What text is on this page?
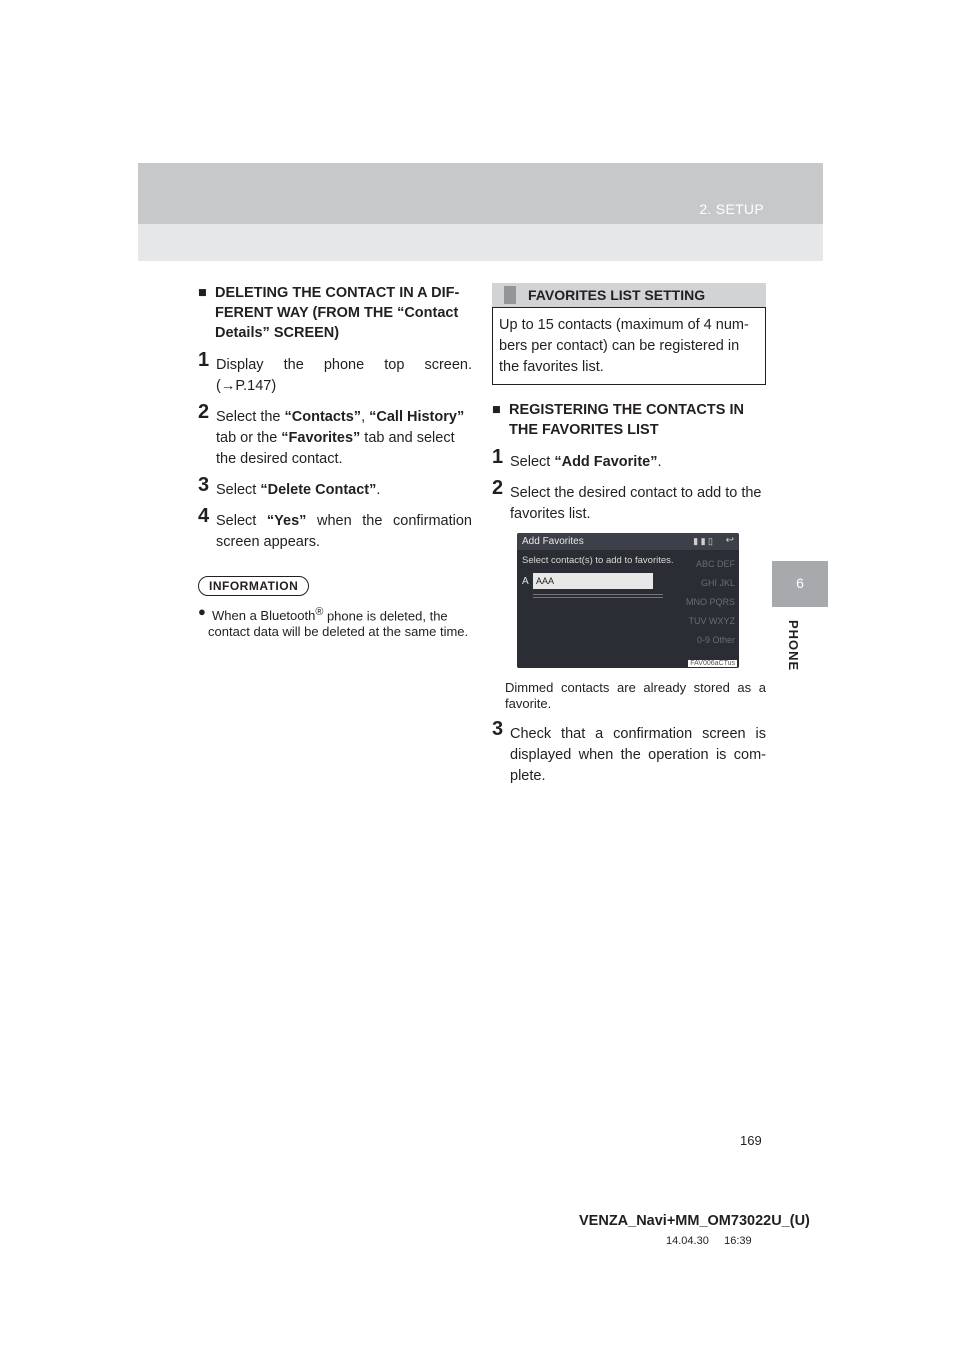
2. SETUP
6
PHONE
■ DELETING THE CONTACT IN A DIF-FERENT WAY (FROM THE “Contact Details” SCREEN)
1 Display the phone top screen. (→P.147)
2 Select the “Contacts”, “Call History” tab or the “Favorites” tab and select the desired contact.
3 Select “Delete Contact”.
4 Select “Yes” when the confirmation screen appears.
INFORMATION
● When a Bluetooth® phone is deleted, the contact data will be deleted at the same time.
FAVORITES LIST SETTING
Up to 15 contacts (maximum of 4 num-bers per contact) can be registered in the favorites list.
■ REGISTERING THE CONTACTS IN THE FAVORITES LIST
1 Select “Add Favorite”.
2 Select the desired contact to add to the favorites list.
Add Favorites	▮ ▮ ▯ ↩
Select contact(s) to add to favorites.
A AAA
ABC DEF
GHI JKL
MNO PQRS
TUV WXYZ
0-9 Other
FAV006aCTus
Dimmed contacts are already stored as a favorite.
3 Check that a confirmation screen is displayed when the operation is com-plete.
169
VENZA_Navi+MM_OM73022U_(U)
14.04.30     16:39
